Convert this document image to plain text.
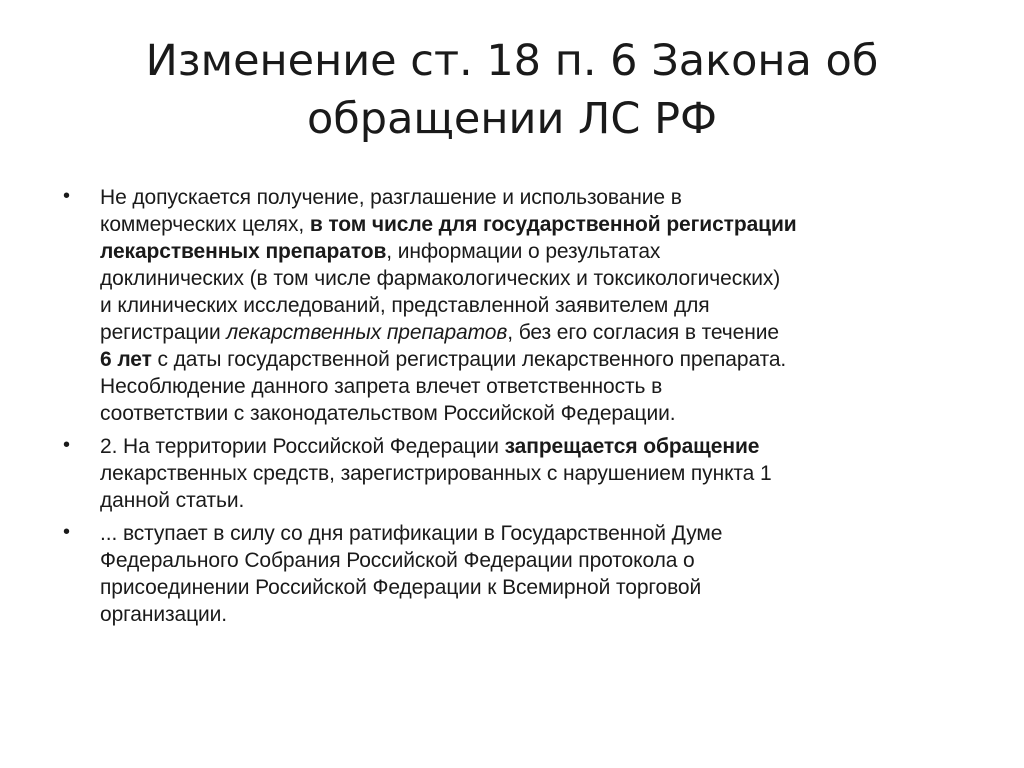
Изменение ст. 18 п. 6 Закона об
обращении ЛС РФ
• Не допускается получение, разглашение и использование в
коммерческих целях, в том числе для государственной регистрации
лекарственных препаратов, информации о результатах
доклинических (в том числе фармакологических и токсикологических)
и клинических исследований, представленной заявителем для
регистрации лекарственных препаратов, без его согласия в течение
6 лет с даты государственной регистрации лекарственного препарата.
Несоблюдение данного запрета влечет ответственность в
соответствии с законодательством Российской Федерации.
• 2. На территории Российской Федерации запрещается обращение
лекарственных средств, зарегистрированных с нарушением пункта 1
данной статьи.
• ... вступает в силу со дня ратификации в Государственной Думе
Федерального Собрания Российской Федерации протокола о
присоединении Российской Федерации к Всемирной торговой
организации.
